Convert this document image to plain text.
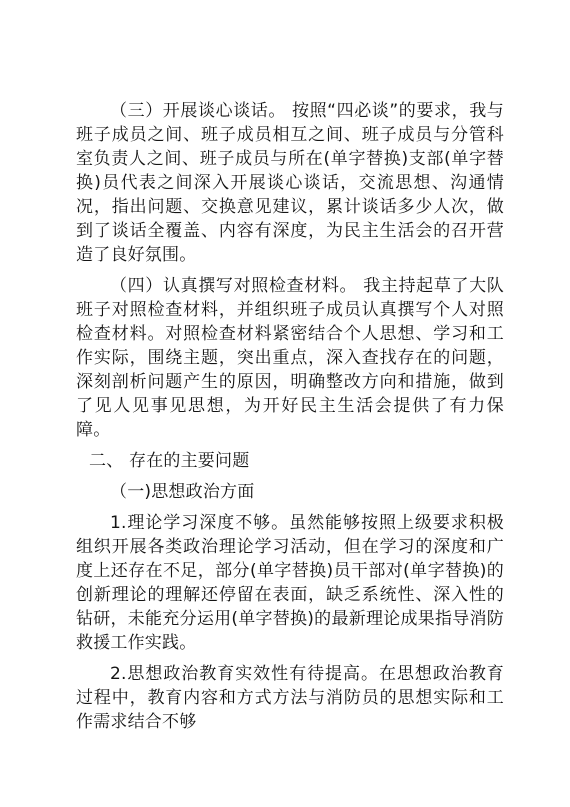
（三）开展谈心谈话。 按照“四必谈”的要求，我与班子成员之间、班子成员相互之间、班子成员与分管科室负责人之间、班子成员与所在(单字替换)支部(单字替换)员代表之间深入开展谈心谈话，交流思想、沟通情况，指出问题、交换意见建议，累计谈话多少人次，做到了谈话全覆盖、内容有深度，为民主生活会的召开营造了良好氛围。

（四）认真撰写对照检查材料。 我主持起草了大队班子对照检查材料，并组织班子成员认真撰写个人对照检查材料。对照检查材料紧密结合个人思想、学习和工作实际，围绕主题，突出重点，深入查找存在的问题，深刻剖析问题产生的原因，明确整改方向和措施，做到了见人见事见思想，为开好民主生活会提供了有力保障。

二、 存在的主要问题

（一)思想政治方面

1.理论学习深度不够。虽然能够按照上级要求积极组织开展各类政治理论学习活动，但在学习的深度和广度上还存在不足，部分(单字替换)员干部对(单字替换)的创新理论的理解还停留在表面，缺乏系统性、深入性的钻研，未能充分运用(单字替换)的最新理论成果指导消防救援工作实践。

2.思想政治教育实效性有待提高。在思想政治教育过程中，教育内容和方式方法与消防员的思想实际和工作需求结合不够
